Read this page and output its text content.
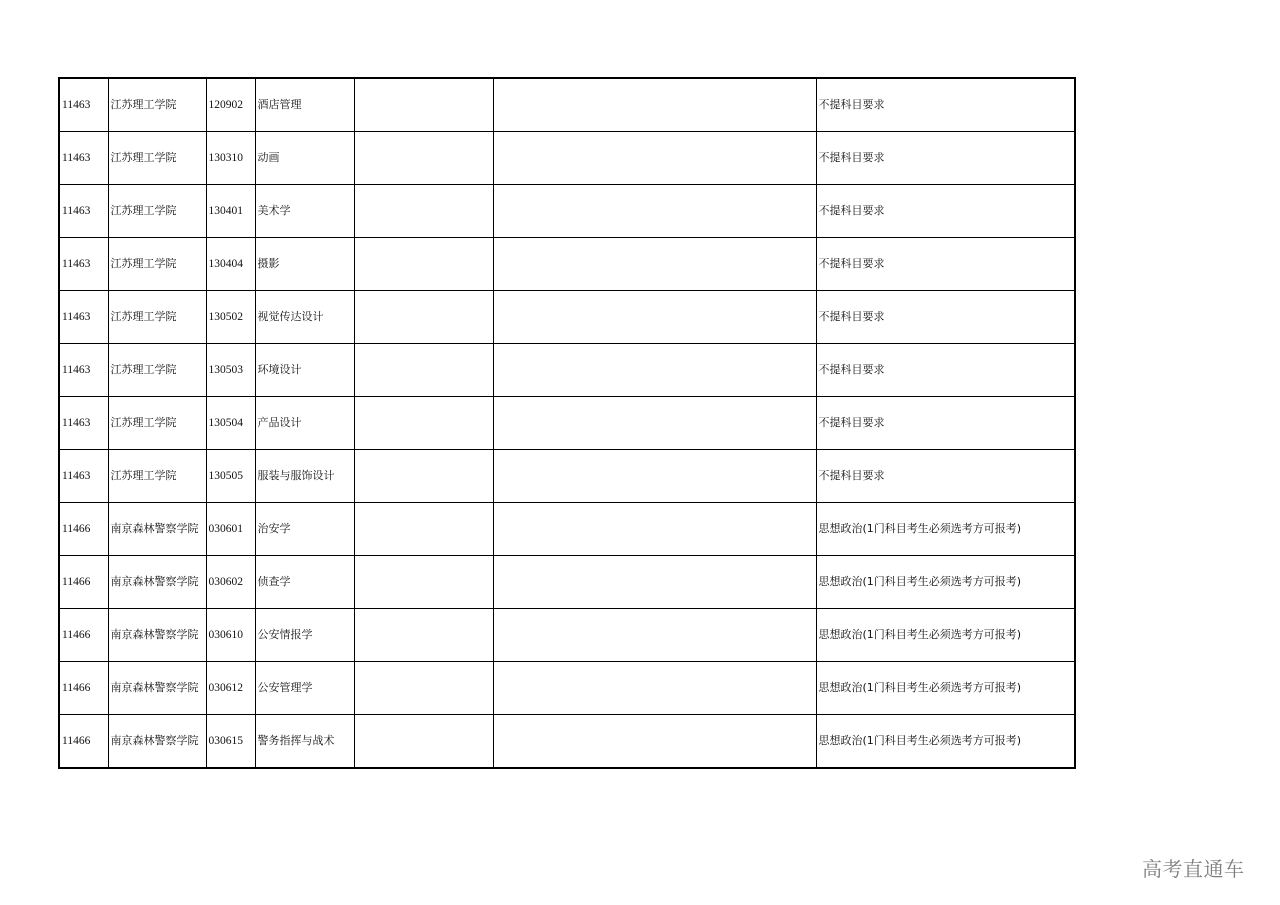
11463	江苏理工学院	120902	酒店管理			不提科目要求
11463	江苏理工学院	130310	动画			不提科目要求
11463	江苏理工学院	130401	美术学			不提科目要求
11463	江苏理工学院	130404	摄影			不提科目要求
11463	江苏理工学院	130502	视觉传达设计			不提科目要求
11463	江苏理工学院	130503	环境设计			不提科目要求
11463	江苏理工学院	130504	产品设计			不提科目要求
11463	江苏理工学院	130505	服装与服饰设计			不提科目要求
11466	南京森林警察学院	030601	治安学			思想政治(1门科目考生必须选考方可报考)
11466	南京森林警察学院	030602	侦查学			思想政治(1门科目考生必须选考方可报考)
11466	南京森林警察学院	030610	公安情报学			思想政治(1门科目考生必须选考方可报考)
11466	南京森林警察学院	030612	公安管理学			思想政治(1门科目考生必须选考方可报考)
11466	南京森林警察学院	030615	警务指挥与战术			思想政治(1门科目考生必须选考方可报考)
高考直通车
